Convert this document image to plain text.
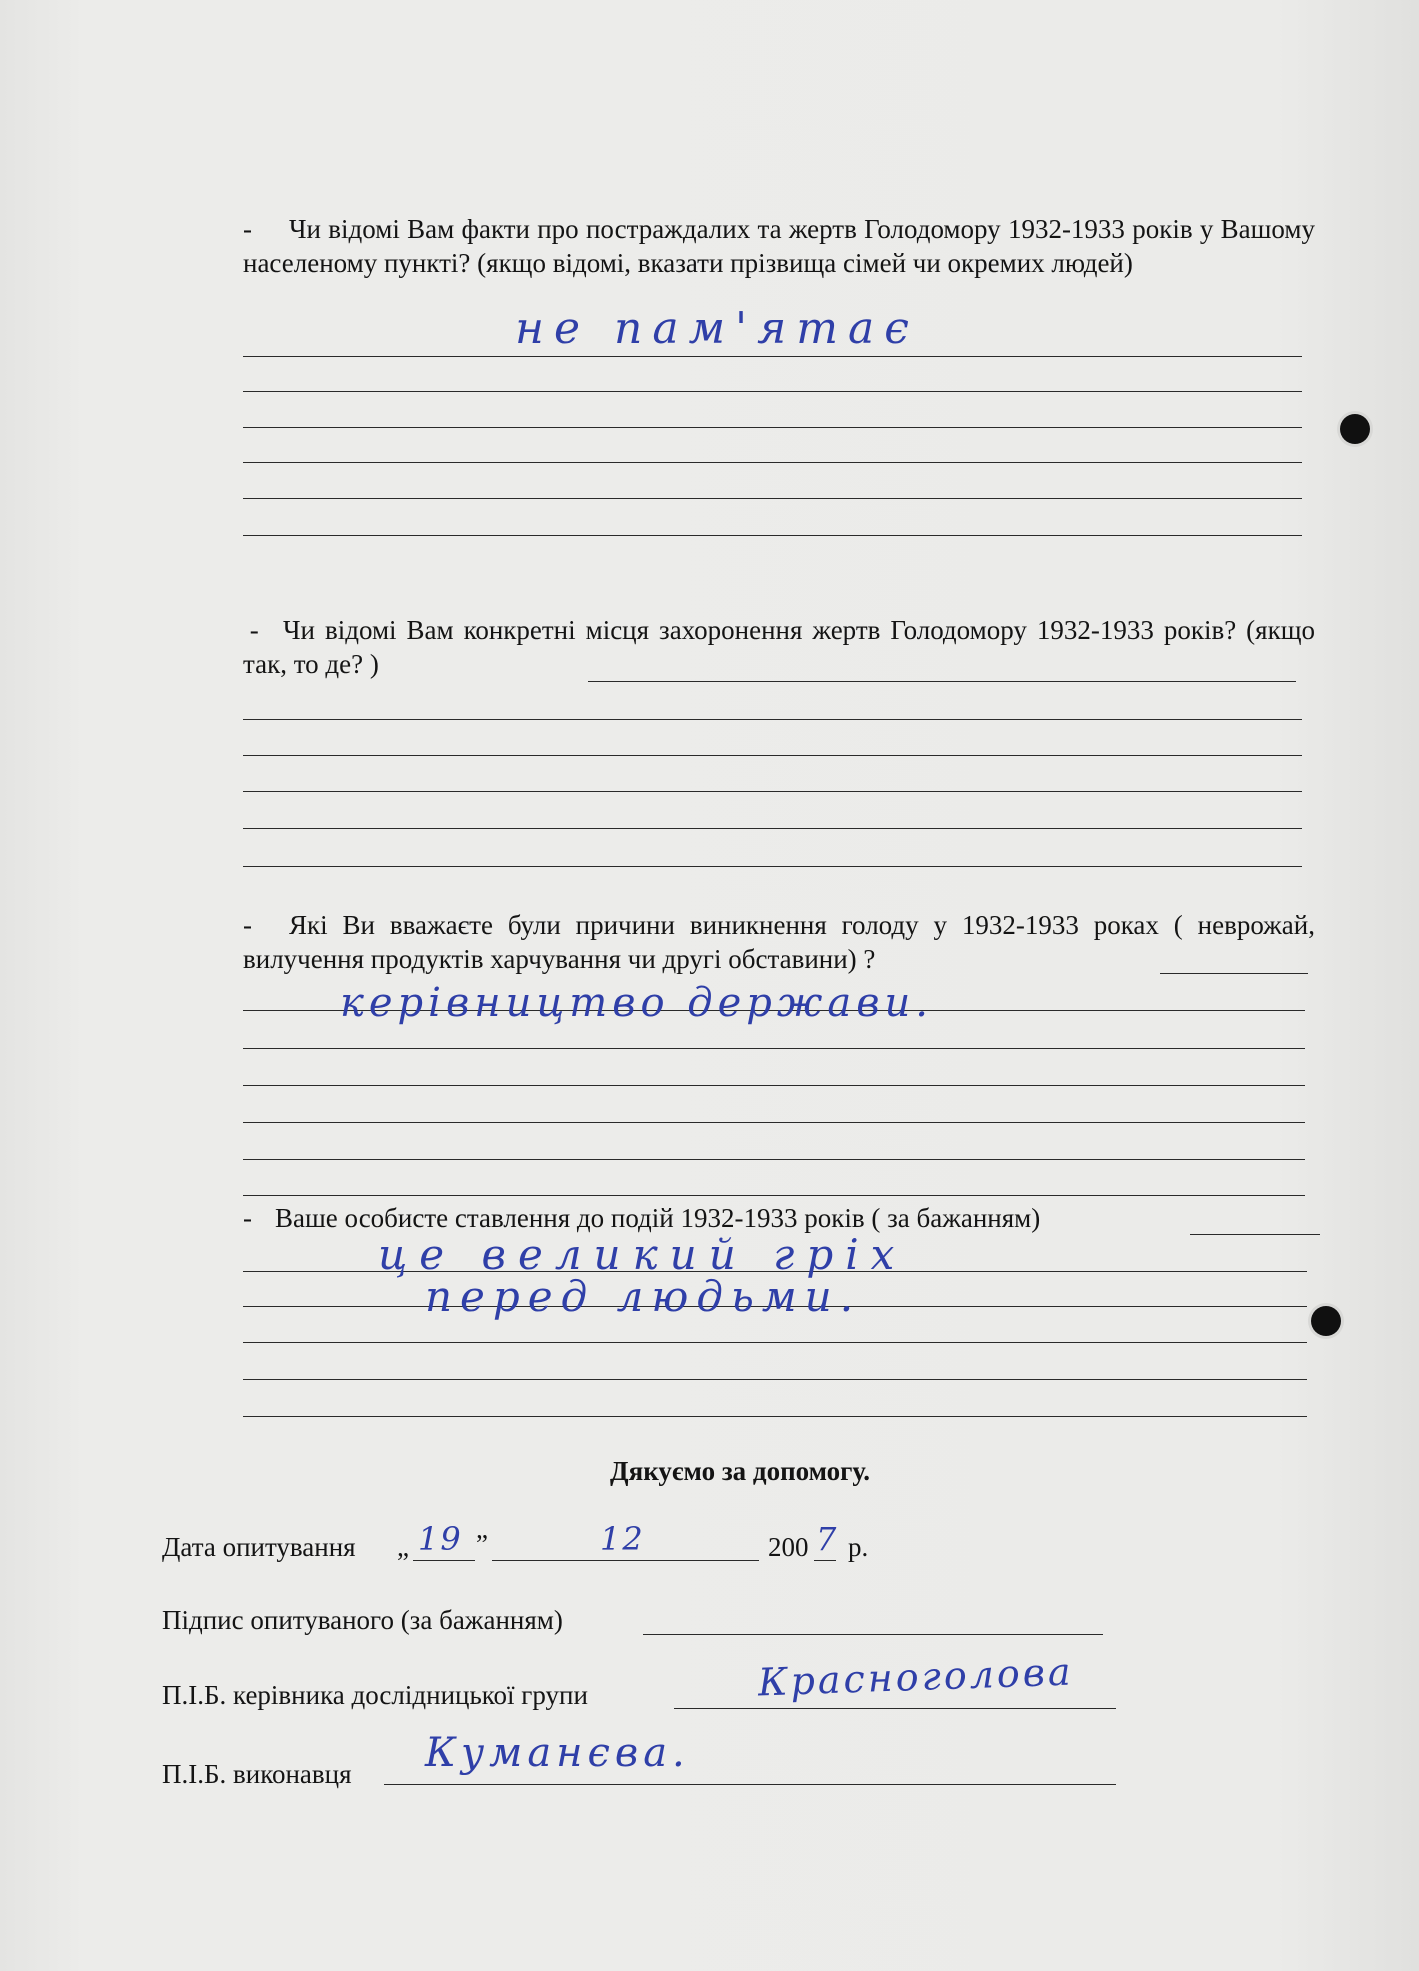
- Чи відомі Вам факти про постраждалих та жертв Голодомору 1932-1933 років у Вашому населеному пункті? (якщо відомі, вказати прізвища сімей чи окремих людей)
не пам'ятає
- Чи відомі Вам конкретні місця захоронення жертв Голодомору 1932-1933 років? (якщо так, то де? )
- Які Ви вважаєте були причини виникнення голоду у 1932-1933 роках ( неврожай, вилучення продуктів харчування чи другі обставини) ?
керівництво держави.
- Ваше особисте ставлення до подій 1932-1933 років ( за бажанням)
це великий гріх
перед людьми.
Дякуємо за допомогу.
Дата опитування „ 19 ”	12	200 7 р.
Підпис опитуваного (за бажанням)
П.І.Б. керівника дослідницької групи	Красноголова
П.І.Б. виконавця Куманєва.
